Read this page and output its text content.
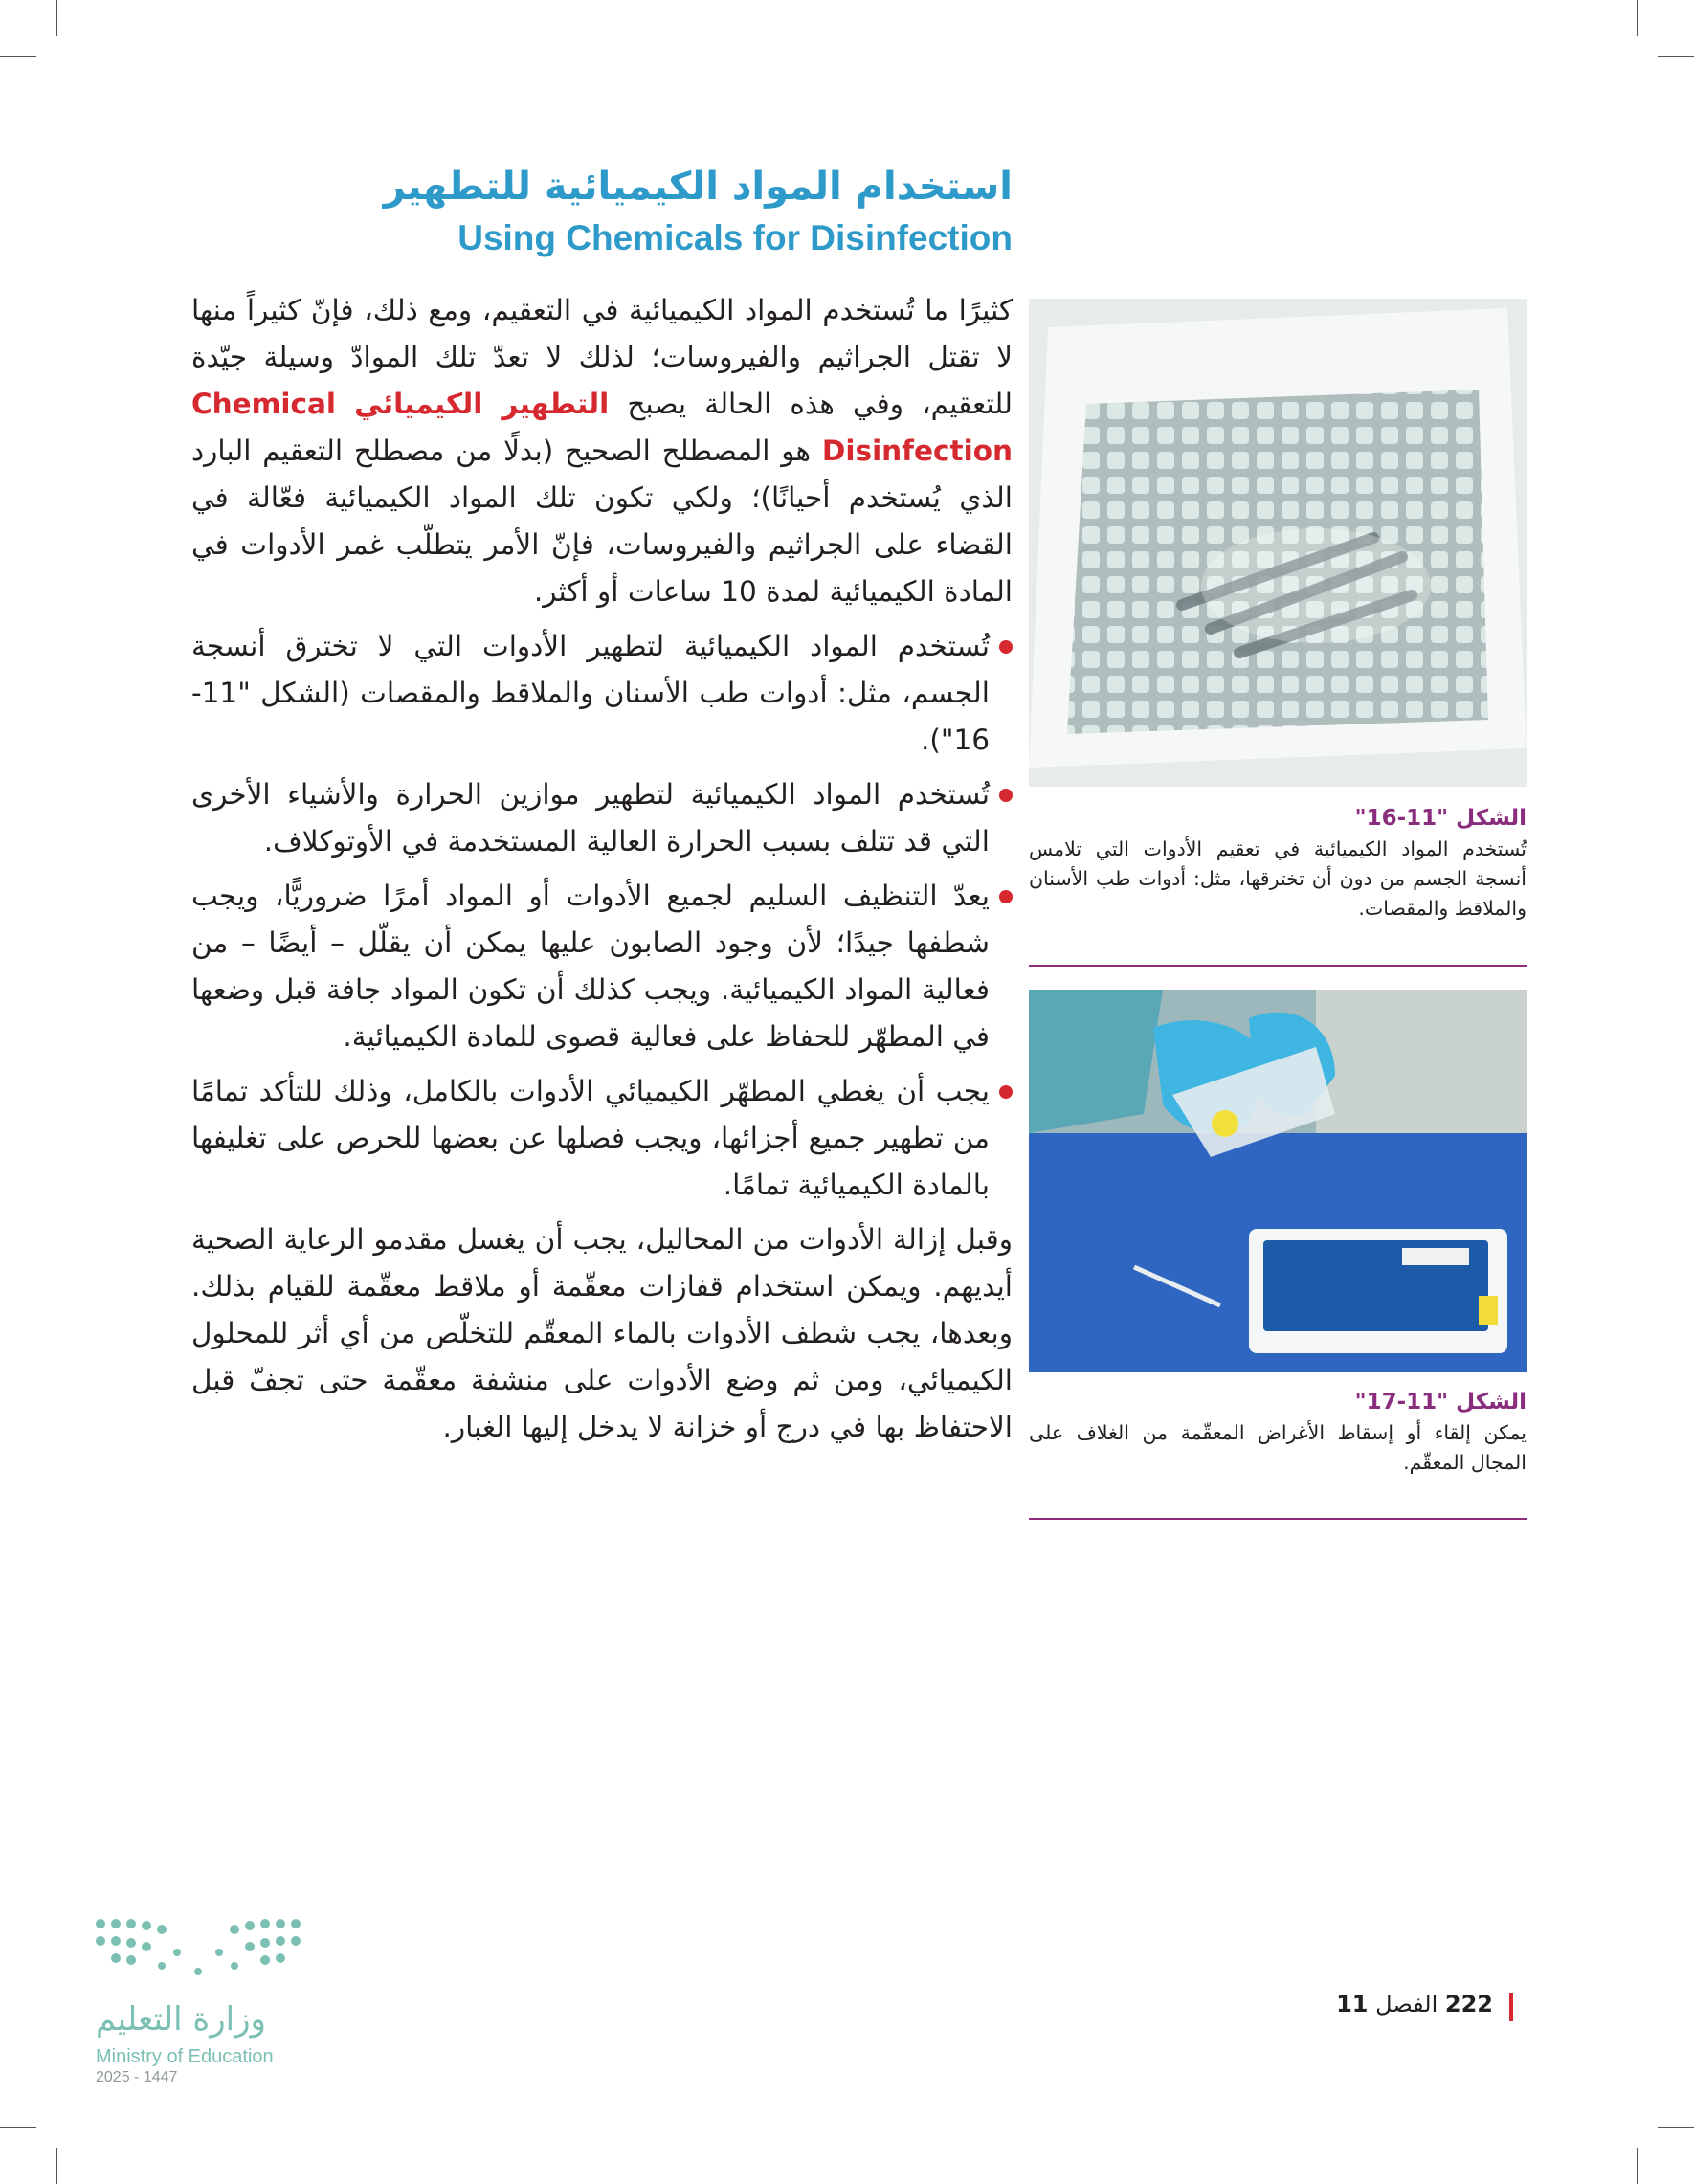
استخدام المواد الكيميائية للتطهير
Using Chemicals for Disinfection

كثيرًا ما تُستخدم المواد الكيميائية في التعقيم، ومع ذلك، فإنّ كثيراً منها لا تقتل الجراثيم والفيروسات؛ لذلك لا تعدّ تلك الموادّ وسيلة جيّدة للتعقيم، وفي هذه الحالة يصبح التطهير الكيميائي Chemical Disinfection هو المصطلح الصحيح (بدلًا من مصطلح التعقيم البارد الذي يُستخدم أحيانًا)؛ ولكي تكون تلك المواد الكيميائية فعّالة في القضاء على الجراثيم والفيروسات، فإنّ الأمر يتطلّب غمر الأدوات في المادة الكيميائية لمدة 10 ساعات أو أكثر.

تُستخدم المواد الكيميائية لتطهير الأدوات التي لا تخترق أنسجة الجسم، مثل: أدوات طب الأسنان والملاقط والمقصات (الشكل "11-16").
تُستخدم المواد الكيميائية لتطهير موازين الحرارة والأشياء الأخرى التي قد تتلف بسبب الحرارة العالية المستخدمة في الأوتوكلاف.
يعدّ التنظيف السليم لجميع الأدوات أو المواد أمرًا ضروريًّا، ويجب شطفها جيدًا؛ لأن وجود الصابون عليها يمكن أن يقلّل – أيضًا – من فعالية المواد الكيميائية. ويجب كذلك أن تكون المواد جافة قبل وضعها في المطهّر للحفاظ على فعالية قصوى للمادة الكيميائية.
يجب أن يغطي المطهّر الكيميائي الأدوات بالكامل، وذلك للتأكد تمامًا من تطهير جميع أجزائها، ويجب فصلها عن بعضها للحرص على تغليفها بالمادة الكيميائية تمامًا.

وقبل إزالة الأدوات من المحاليل، يجب أن يغسل مقدمو الرعاية الصحية أيديهم. ويمكن استخدام قفازات معقّمة أو ملاقط معقّمة للقيام بذلك. وبعدها، يجب شطف الأدوات بالماء المعقّم للتخلّص من أي أثر للمحلول الكيميائي، ومن ثم وضع الأدوات على منشفة معقّمة حتى تجفّ قبل الاحتفاظ بها في درج أو خزانة لا يدخل إليها الغبار.

الشكل "11-16"
تُستخدم المواد الكيميائية في تعقيم الأدوات التي تلامس أنسجة الجسم من دون أن تخترقها، مثل: أدوات طب الأسنان والملاقط والمقصات.
الشكل "11-17"
يمكن إلقاء أو إسقاط الأغراض المعقّمة من الغلاف على المجال المعقّم.
222 الفصل 11
وزارة التعليم
Ministry of Education
2025 - 1447
